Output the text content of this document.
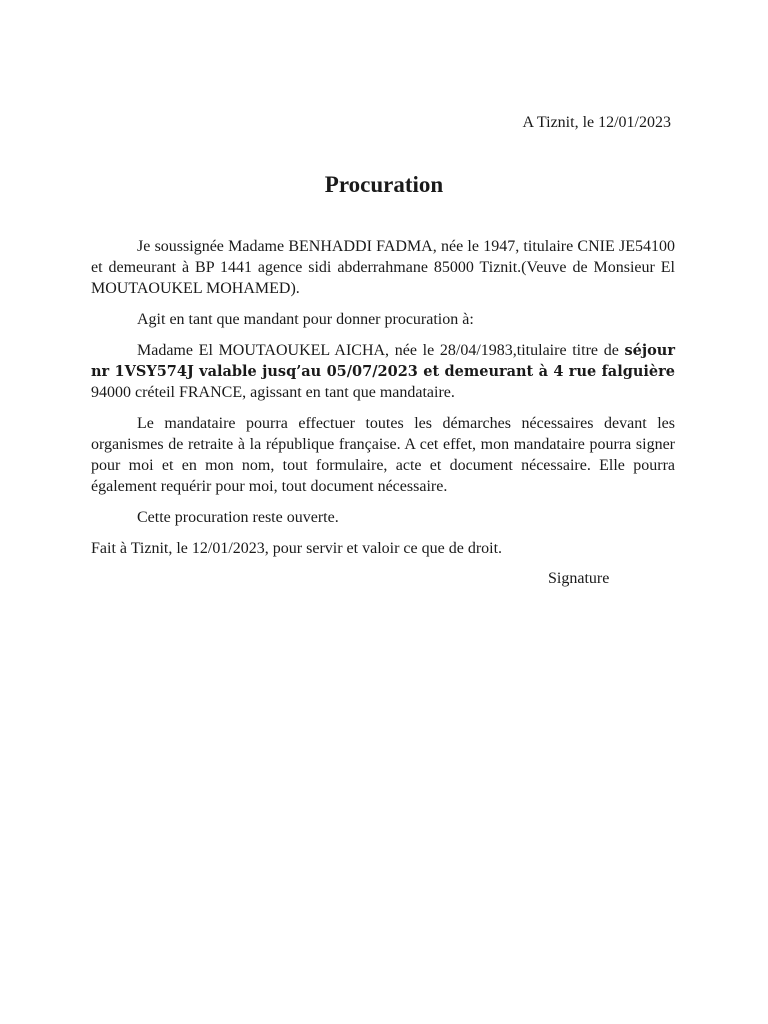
A Tiznit, le 12/01/2023
Procuration

Je soussignée Madame BENHADDI FADMA, née le 1947, titulaire CNIE JE54100 et demeurant à BP 1441 agence sidi abderrahmane 85000 Tiznit.(Veuve de Monsieur El MOUTAOUKEL MOHAMED).

Agit en tant que mandant pour donner procuration à:

Madame El MOUTAOUKEL AICHA, née le 28/04/1983,titulaire titre de séjour nr 1VSY574J valable jusq’au 05/07/2023 et demeurant à 4 rue falguière 94000 créteil FRANCE, agissant en tant que mandataire.

Le mandataire pourra effectuer toutes les démarches nécessaires devant les organismes de retraite à la république française. A cet effet, mon mandataire pourra signer pour moi et en mon nom, tout formulaire, acte et document nécessaire. Elle pourra également requérir pour moi, tout document nécessaire.

Cette procuration reste ouverte.

Fait à Tiznit, le 12/01/2023, pour servir et valoir ce que de droit.

Signature
